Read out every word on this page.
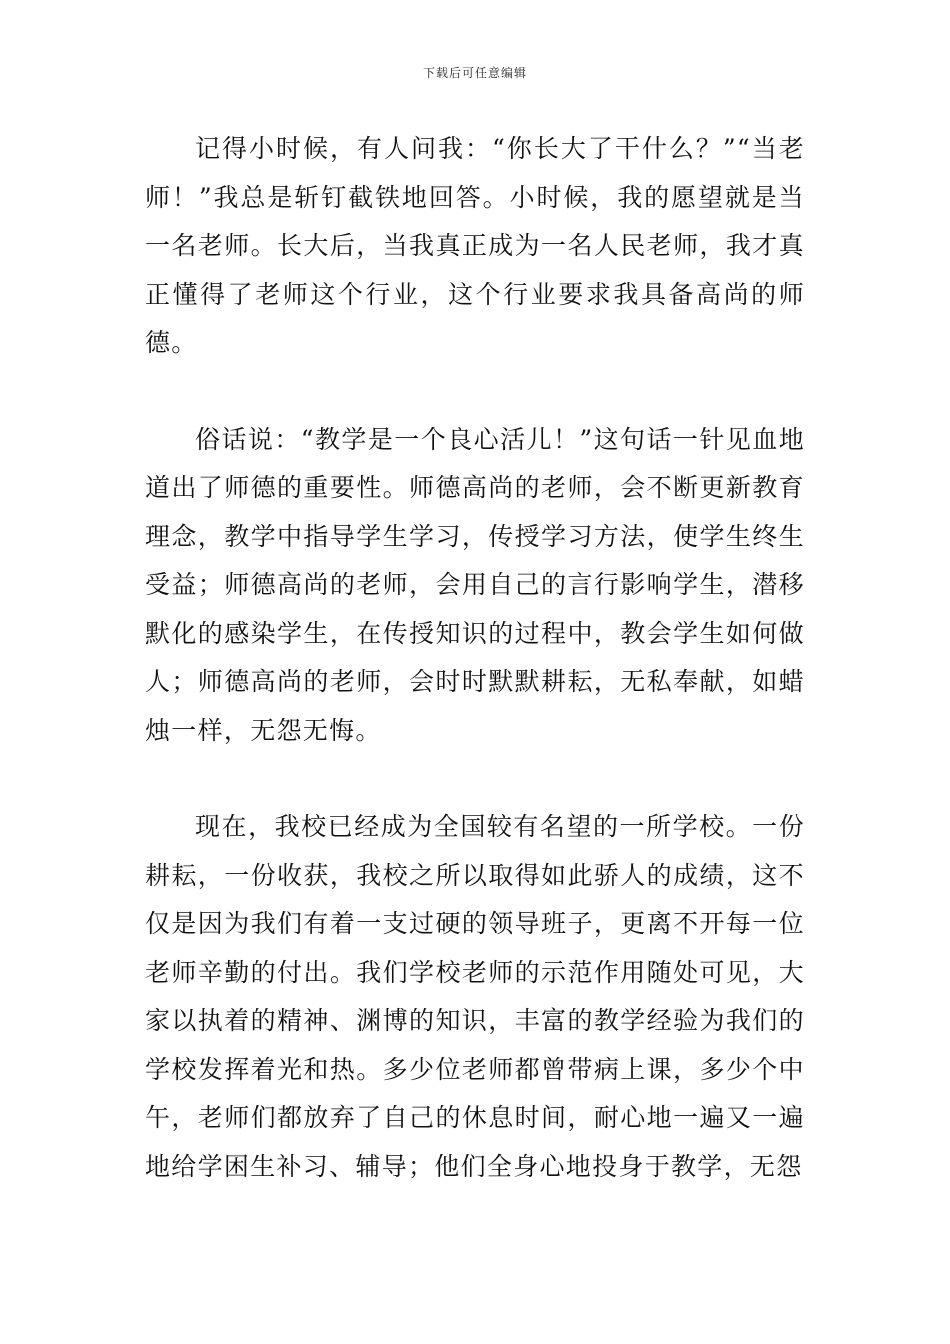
下载后可任意编辑

记得小时候，有人问我：“你长大了干什么？”“当老师！”我总是斩钉截铁地回答。小时候，我的愿望就是当一名老师。长大后，当我真正成为一名人民老师，我才真正懂得了老师这个行业，这个行业要求我具备高尚的师德。

俗话说：“教学是一个良心活儿！”这句话一针见血地道出了师德的重要性。师德高尚的老师，会不断更新教育理念，教学中指导学生学习，传授学习方法，使学生终生受益；师德高尚的老师，会用自己的言行影响学生，潜移默化的感染学生，在传授知识的过程中，教会学生如何做人；师德高尚的老师，会时时默默耕耘，无私奉献，如蜡烛一样，无怨无悔。

现在，我校已经成为全国较有名望的一所学校。一份耕耘，一份收获，我校之所以取得如此骄人的成绩，这不仅是因为我们有着一支过硬的领导班子，更离不开每一位老师辛勤的付出。我们学校老师的示范作用随处可见，大家以执着的精神、渊博的知识，丰富的教学经验为我们的学校发挥着光和热。多少位老师都曾带病上课，多少个中午，老师们都放弃了自己的休息时间，耐心地一遍又一遍地给学困生补习、辅导；他们全身心地投身于教学，无怨
